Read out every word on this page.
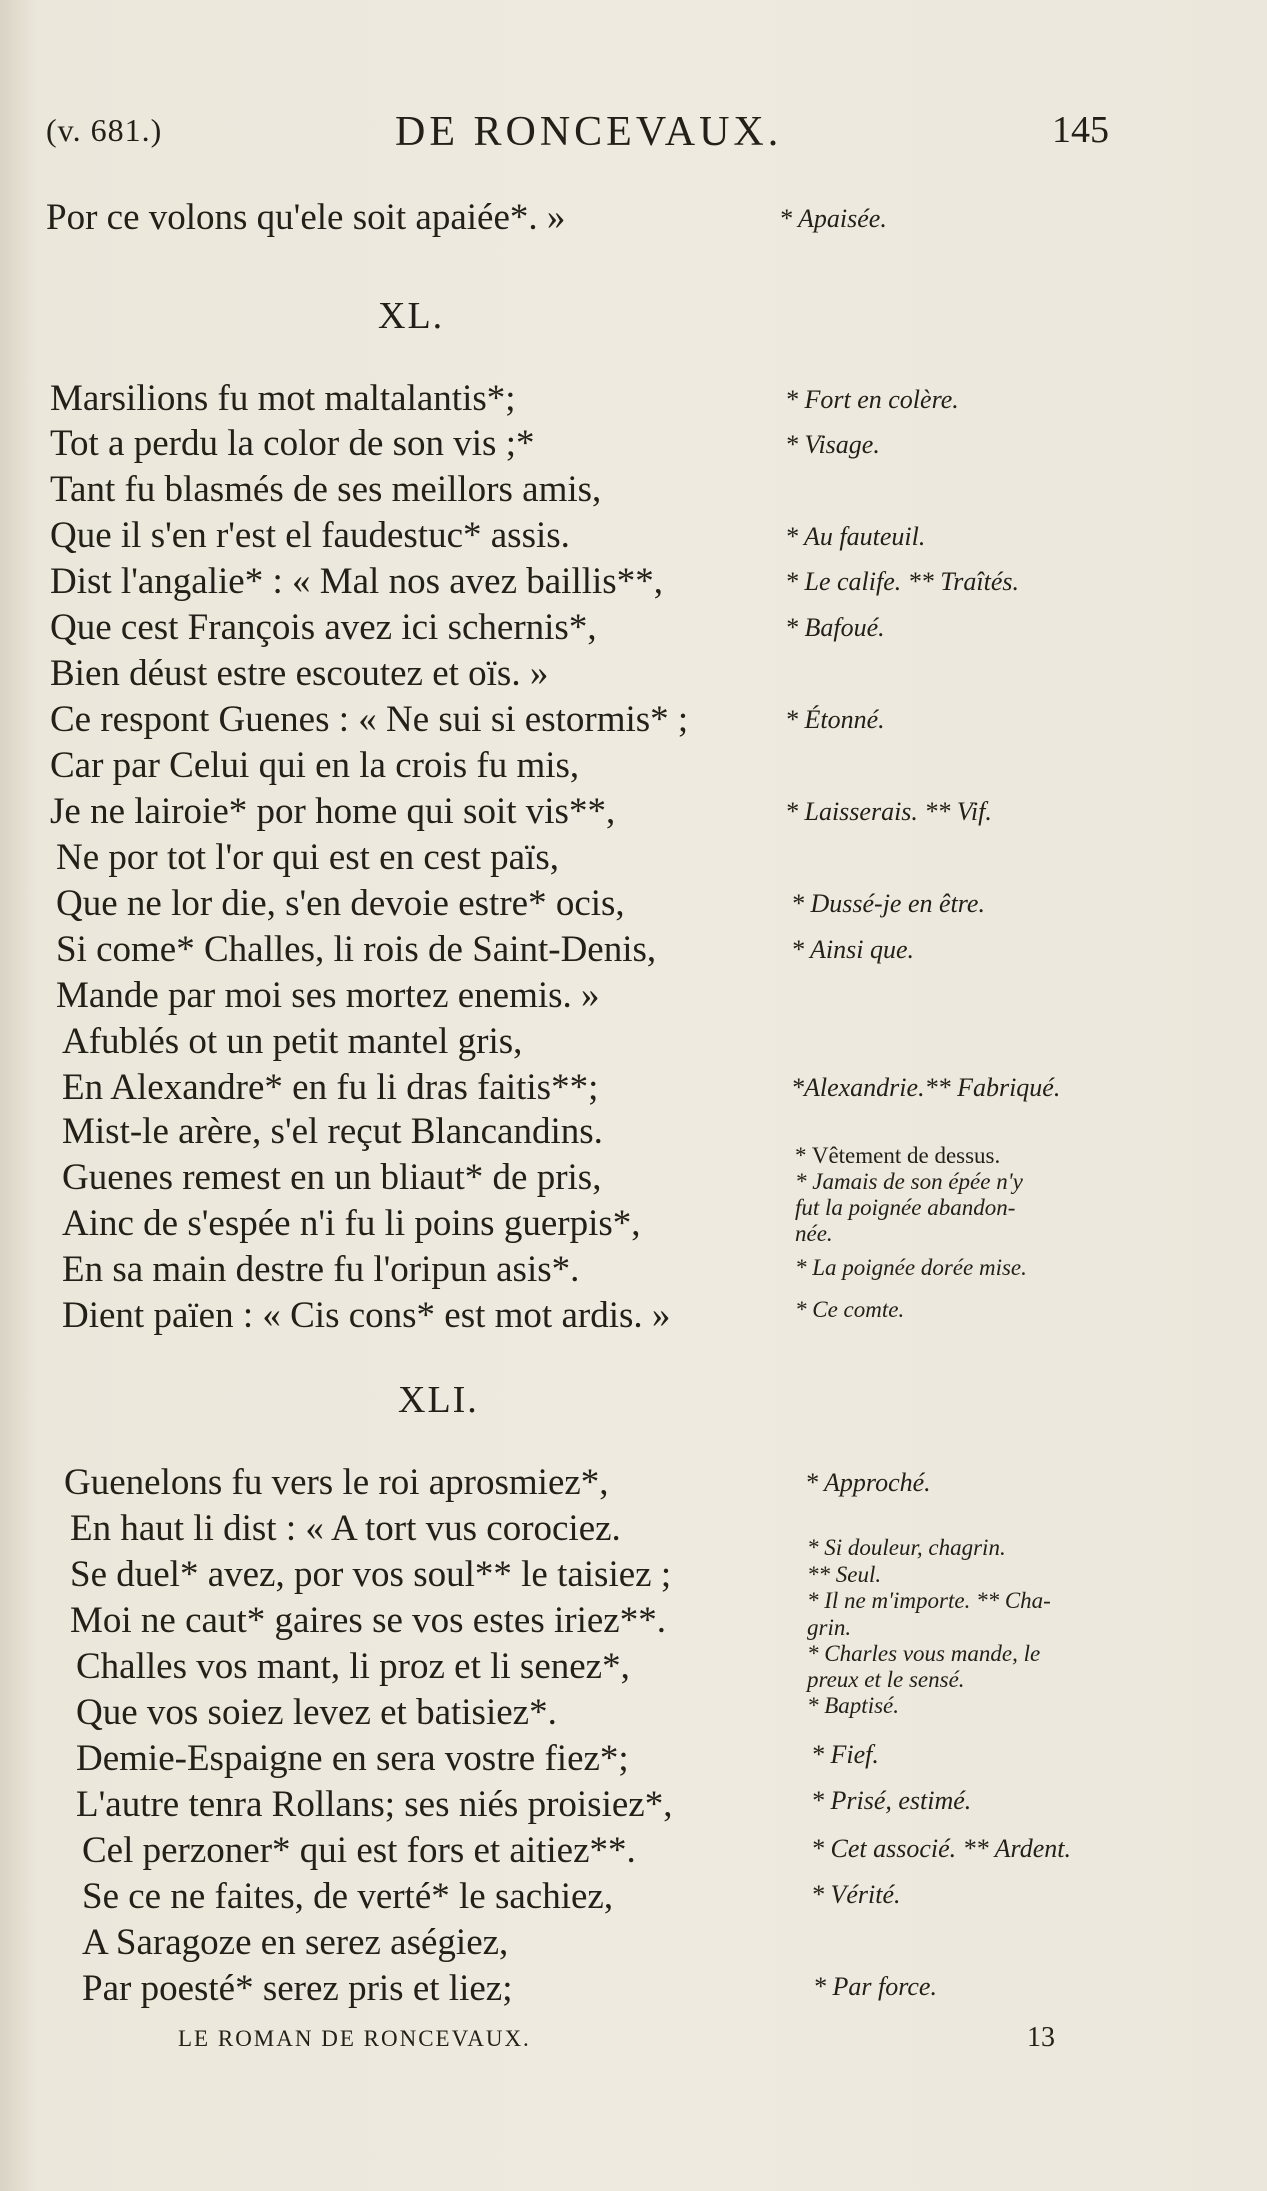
(v. 681.)	DE RONCEVAUX.	145
Por ce volons qu'ele soit apaiée*. »	* Apaisée.
XL.
Marsilions fu mot maltalantis*;
Tot a perdu la color de son vis ;*
Tant fu blasmés de ses meillors amis,
Que il s'en r'est el faudestuc* assis.
Dist l'angalie* : « Mal nos avez baillis**,
Que cest François avez ici schernis*,
Bien déust estre escoutez et oïs. »
Ce respont Guenes : « Ne sui si estormis* ;
Car par Celui qui en la crois fu mis,
Je ne lairoie* por home qui soit vis**,
Ne por tot l'or qui est en cest païs,
Que ne lor die, s'en devoie estre* ocis,
Si come* Challes, li rois de Saint-Denis,
Mande par moi ses mortez enemis. »
Afublés ot un petit mantel gris,
En Alexandre* en fu li dras faitis**;
Mist-le arère, s'el reçut Blancandins.
Guenes remest en un bliaut* de pris,
Ainc de s'espée n'i fu li poins guerpis*,
En sa main destre fu l'oripun asis*.
Dient païen : « Cis cons* est mot ardis. »
* Fort en colère.
* Visage.
* Au fauteuil.
* Le calife. ** Traîtés.
* Bafoué.
* Étonné.
* Laisserais. ** Vif.
* Dussé-je en être.
* Ainsi que.
*Alexandrie.** Fabriqué.
* Vêtement de dessus.
* Jamais de son épée n'y
fut la poignée abandon-
née.
* La poignée dorée mise.
* Ce comte.
XLI.
Guenelons fu vers le roi aprosmiez*,
En haut li dist : « A tort vus corociez.
Se duel* avez, por vos soul** le taisiez ;
Moi ne caut* gaires se vos estes iriez**.
Challes vos mant, li proz et li senez*,
Que vos soiez levez et batisiez*.
Demie-Espaigne en sera vostre fiez*;
L'autre tenra Rollans; ses niés proisiez*,
Cel perzoner* qui est fors et aitiez**.
Se ce ne faites, de verté* le sachiez,
A Saragoze en serez aségiez,
Par poesté* serez pris et liez;
* Approché.
* Si douleur, chagrin.
** Seul.
* Il ne m'importe. ** Cha-
grin.
* Charles vous mande, le
preux et le sensé.
* Baptisé.
* Fief.
* Prisé, estimé.
* Cet associé. ** Ardent.
* Vérité.
* Par force.
LE ROMAN DE RONCEVAUX.	13
